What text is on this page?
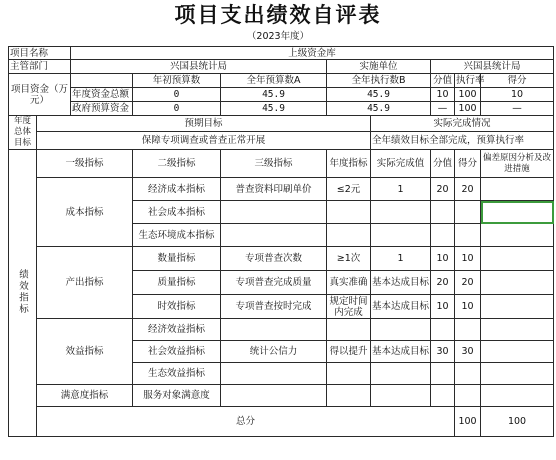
项目支出绩效自评表
（2023年度）
项目名称		上级资金库								
主管部门		兴国县统计局			实施单位		兴国县统计局			
项目资金（万元）			年初预算数	全年预算数A	全年执行数B		分值	执行率	得分	
		年度资金总额	0	45.9	45.9		10	100	10	
		政府预算资金	0	45.9	45.9		—	100	—	
年度总体目标	预期目标					实际完成情况				
	保障专项调查或普查正常开展					全年绩效目标全部完成，预算执行率				
绩效指标	一级指标		二级指标	三级指标	年度指标	实际完成值	分值	得分	偏差原因分析及改进措施	
	成本指标		经济成本指标	普查资料印刷单价	≤2元	1	20	20		
			社会成本指标							
			生态环境成本指标							
	产出指标		数量指标	专项普查次数	≥1次	1	10	10		
			质量指标	专项普查完成质量	真实准确	基本达成目标	20	20		
			时效指标	专项普查按时完成	规定时间内完成	基本达成目标	10	10		
	效益指标		经济效益指标							
			社会效益指标	统计公信力	得以提升	基本达成目标	30	30		
			生态效益指标							
	满意度指标		服务对象满意度							
	总分							100	100	
